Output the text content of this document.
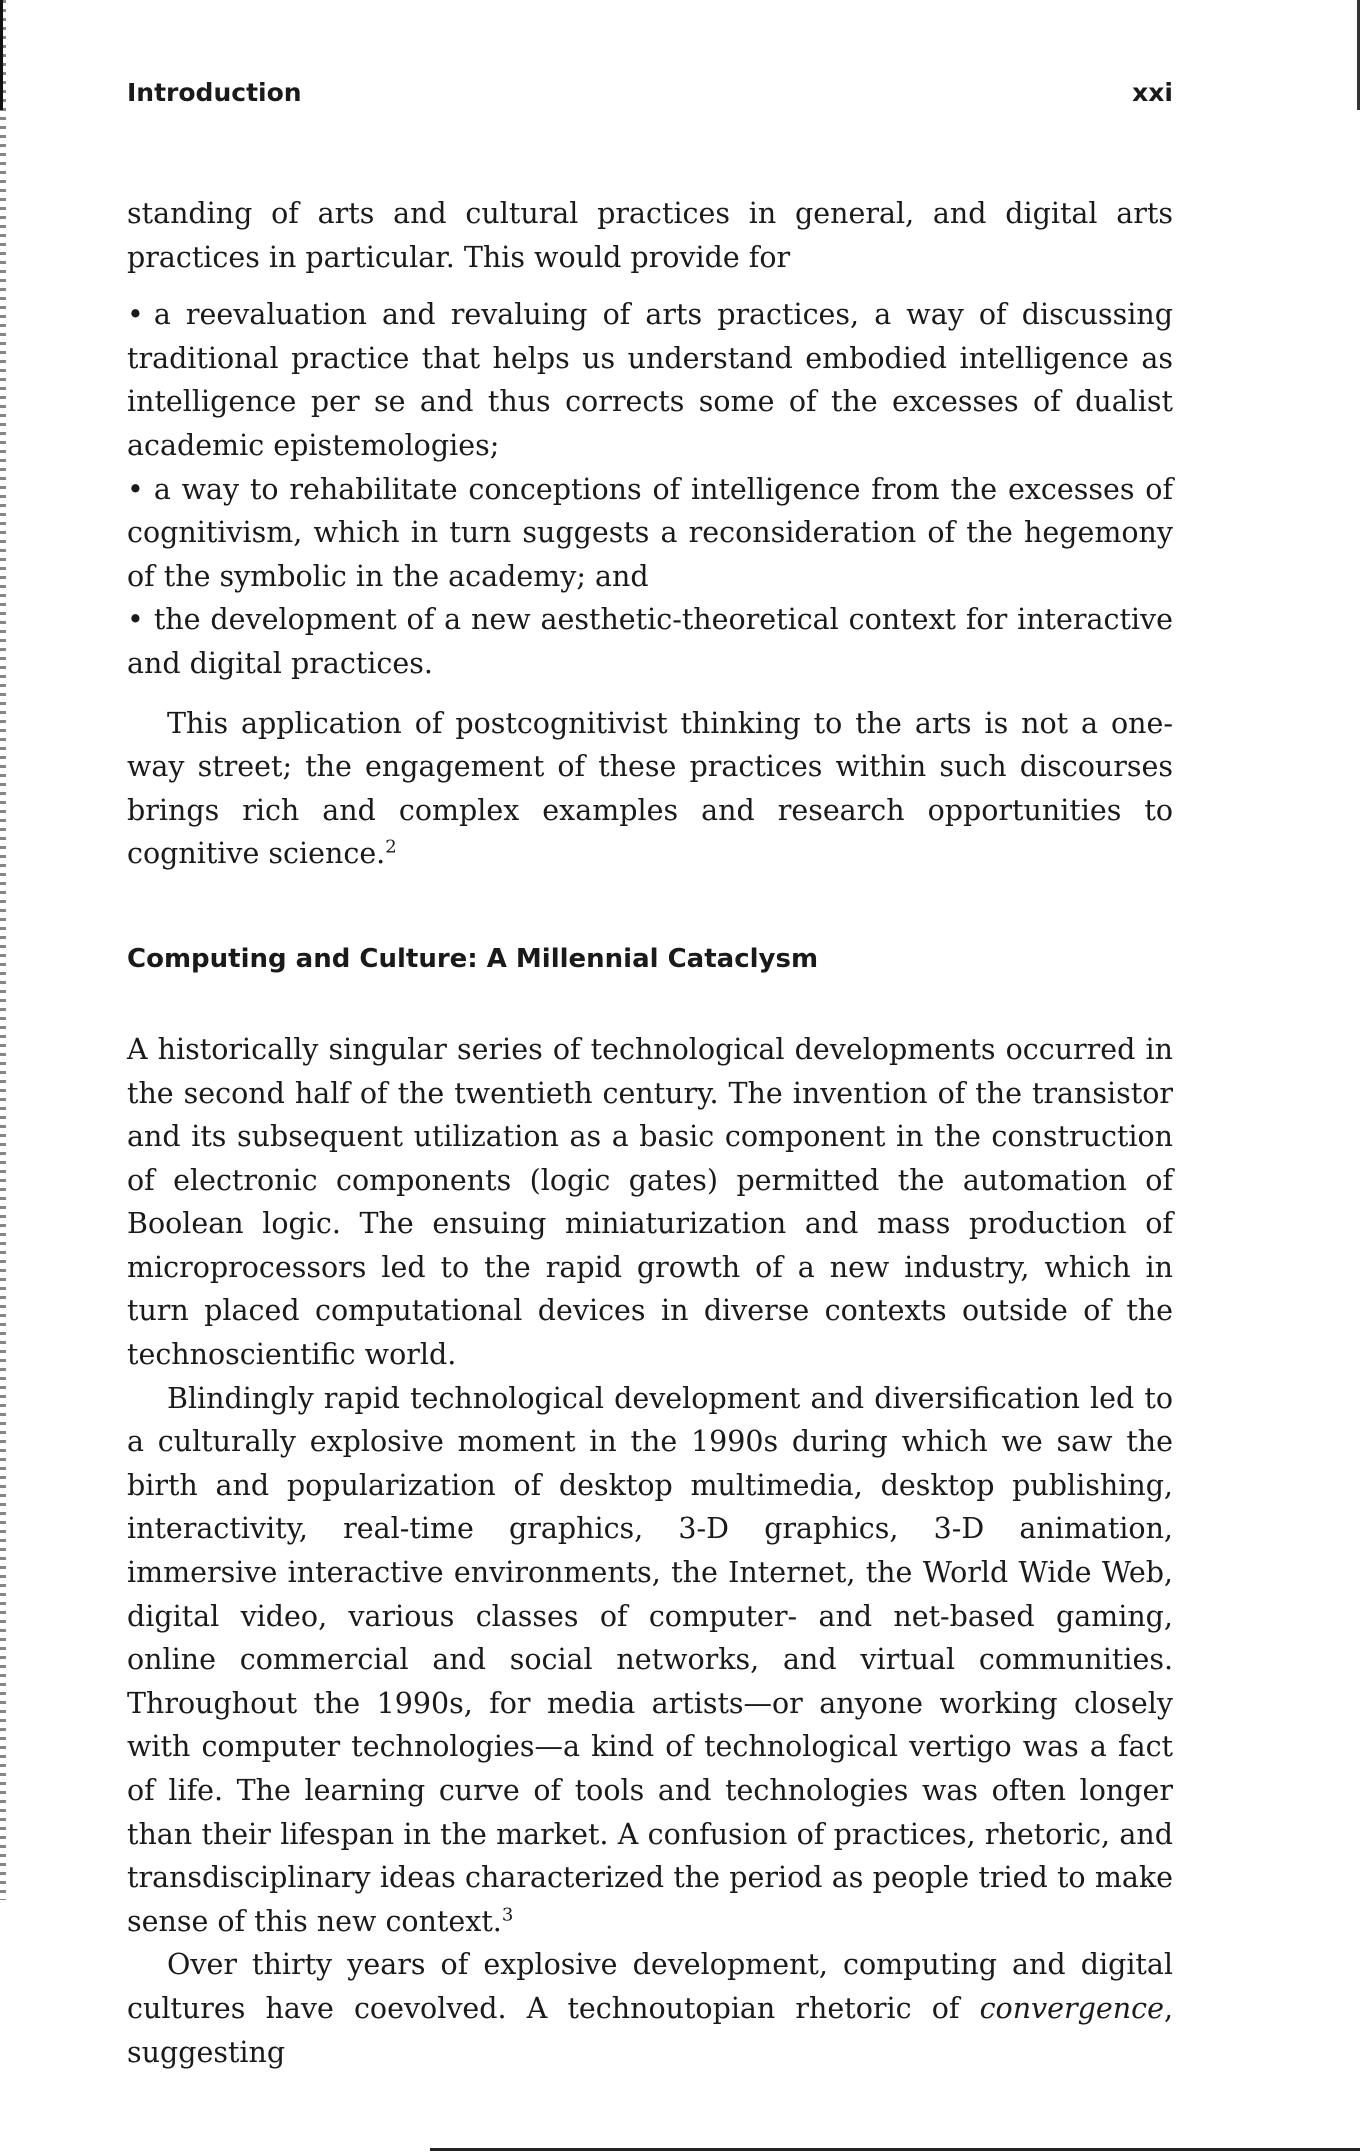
Introduction	xxi

standing of arts and cultural practices in general, and digital arts practices in particular. This would provide for

• a reevaluation and revaluing of arts practices, a way of discussing traditional practice that helps us understand embodied intelligence as intelligence per se and thus corrects some of the excesses of dualist academic epistemologies;
• a way to rehabilitate conceptions of intelligence from the excesses of cognitivism, which in turn suggests a reconsideration of the hegemony of the symbolic in the academy; and
• the development of a new aesthetic-theoretical context for interactive and digital practices.

This application of postcognitivist thinking to the arts is not a one-way street; the engagement of these practices within such discourses brings rich and complex examples and research opportunities to cognitive science.$^2$

Computing and Culture: A Millennial Cataclysm

A historically singular series of technological developments occurred in the second half of the twentieth century. The invention of the transistor and its subsequent utilization as a basic component in the construction of electronic components (logic gates) permitted the automation of Boolean logic. The ensuing miniaturization and mass production of microprocessors led to the rapid growth of a new industry, which in turn placed computational devices in diverse contexts outside of the technoscientific world.

Blindingly rapid technological development and diversification led to a culturally explosive moment in the 1990s during which we saw the birth and popularization of desktop multimedia, desktop publishing, interactivity, real-time graphics, 3-D graphics, 3-D animation, immersive interactive environments, the Internet, the World Wide Web, digital video, various classes of computer- and net-based gaming, online commercial and social networks, and virtual communities. Throughout the 1990s, for media artists—or anyone working closely with computer technologies—a kind of technological vertigo was a fact of life. The learning curve of tools and technologies was often longer than their lifespan in the market. A confusion of practices, rhetoric, and transdisciplinary ideas characterized the period as people tried to make sense of this new context.$^3$

Over thirty years of explosive development, computing and digital cultures have coevolved. A technoutopian rhetoric of convergence, suggesting
